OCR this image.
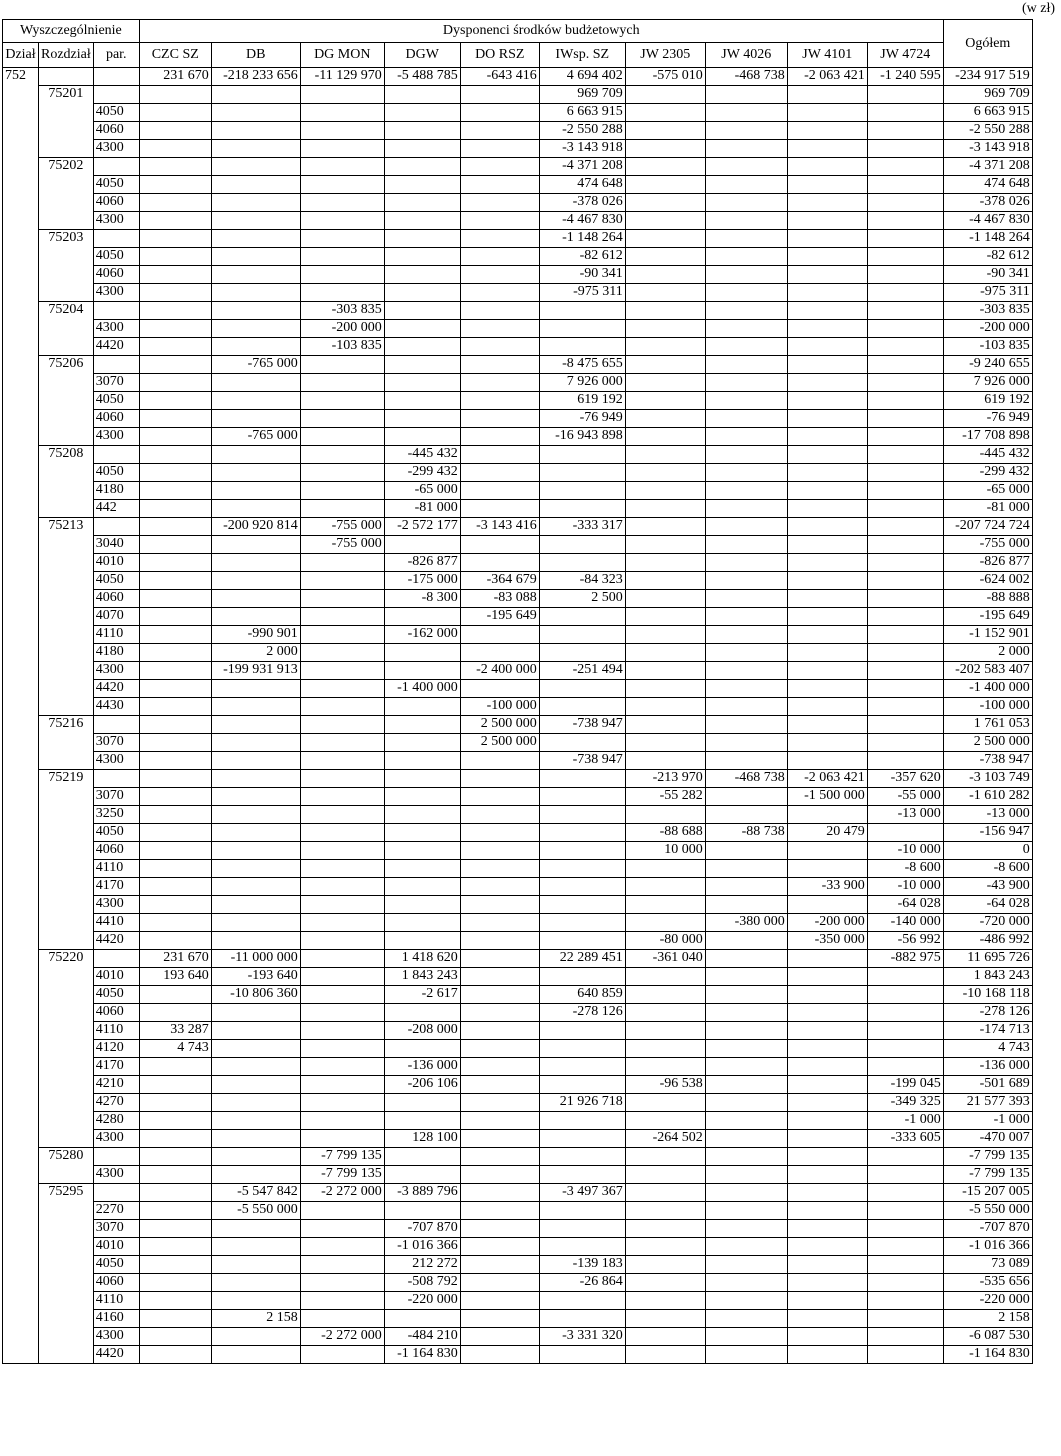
(w zł)
Wyszczególnienie			Dysponenci środków budżetowych										Ogółem
Dział	Rozdział	par.	CZC SZ	DB	DG MON	DGW	DO RSZ	IWsp. SZ	JW 2305	JW 4026	JW 4101	JW 4724	
752			231 670	-218 233 656	-11 129 970	-5 488 785	-643 416	4 694 402	-575 010	-468 738	-2 063 421	-1 240 595	-234 917 519
	75201							969 709					969 709
		4050						6 663 915					6 663 915
		4060						-2 550 288					-2 550 288
		4300						-3 143 918					-3 143 918
	75202							-4 371 208					-4 371 208
		4050						474 648					474 648
		4060						-378 026					-378 026
		4300						-4 467 830					-4 467 830
	75203							-1 148 264					-1 148 264
		4050						-82 612					-82 612
		4060						-90 341					-90 341
		4300						-975 311					-975 311
	75204				-303 835								-303 835
		4300			-200 000								-200 000
		4420			-103 835								-103 835
	75206			-765 000				-8 475 655					-9 240 655
		3070						7 926 000					7 926 000
		4050						619 192					619 192
		4060						-76 949					-76 949
		4300		-765 000				-16 943 898					-17 708 898
	75208					-445 432							-445 432
		4050				-299 432							-299 432
		4180				-65 000							-65 000
		442				-81 000							-81 000
	75213			-200 920 814	-755 000	-2 572 177	-3 143 416	-333 317					-207 724 724
		3040			-755 000								-755 000
		4010				-826 877							-826 877
		4050				-175 000	-364 679	-84 323					-624 002
		4060				-8 300	-83 088	2 500					-88 888
		4070					-195 649						-195 649
		4110		-990 901		-162 000							-1 152 901
		4180		2 000									2 000
		4300		-199 931 913			-2 400 000	-251 494					-202 583 407
		4420				-1 400 000							-1 400 000
		4430					-100 000						-100 000
	75216						2 500 000	-738 947					1 761 053
		3070					2 500 000						2 500 000
		4300						-738 947					-738 947
	75219								-213 970	-468 738	-2 063 421	-357 620	-3 103 749
		3070							-55 282		-1 500 000	-55 000	-1 610 282
		3250										-13 000	-13 000
		4050							-88 688	-88 738	20 479		-156 947
		4060							10 000			-10 000	0
		4110										-8 600	-8 600
		4170									-33 900	-10 000	-43 900
		4300										-64 028	-64 028
		4410								-380 000	-200 000	-140 000	-720 000
		4420							-80 000		-350 000	-56 992	-486 992
	75220		231 670	-11 000 000		1 418 620		22 289 451	-361 040			-882 975	11 695 726
		4010	193 640	-193 640		1 843 243							1 843 243
		4050		-10 806 360		-2 617		640 859					-10 168 118
		4060						-278 126					-278 126
		4110	33 287			-208 000							-174 713
		4120	4 743										4 743
		4170				-136 000							-136 000
		4210				-206 106			-96 538			-199 045	-501 689
		4270						21 926 718				-349 325	21 577 393
		4280										-1 000	-1 000
		4300				128 100			-264 502			-333 605	-470 007
	75280				-7 799 135								-7 799 135
		4300			-7 799 135								-7 799 135
	75295			-5 547 842	-2 272 000	-3 889 796		-3 497 367					-15 207 005
		2270		-5 550 000									-5 550 000
		3070				-707 870							-707 870
		4010				-1 016 366							-1 016 366
		4050				212 272		-139 183					73 089
		4060				-508 792		-26 864					-535 656
		4110				-220 000							-220 000
		4160		2 158									2 158
		4300			-2 272 000	-484 210		-3 331 320					-6 087 530
		4420				-1 164 830							-1 164 830
